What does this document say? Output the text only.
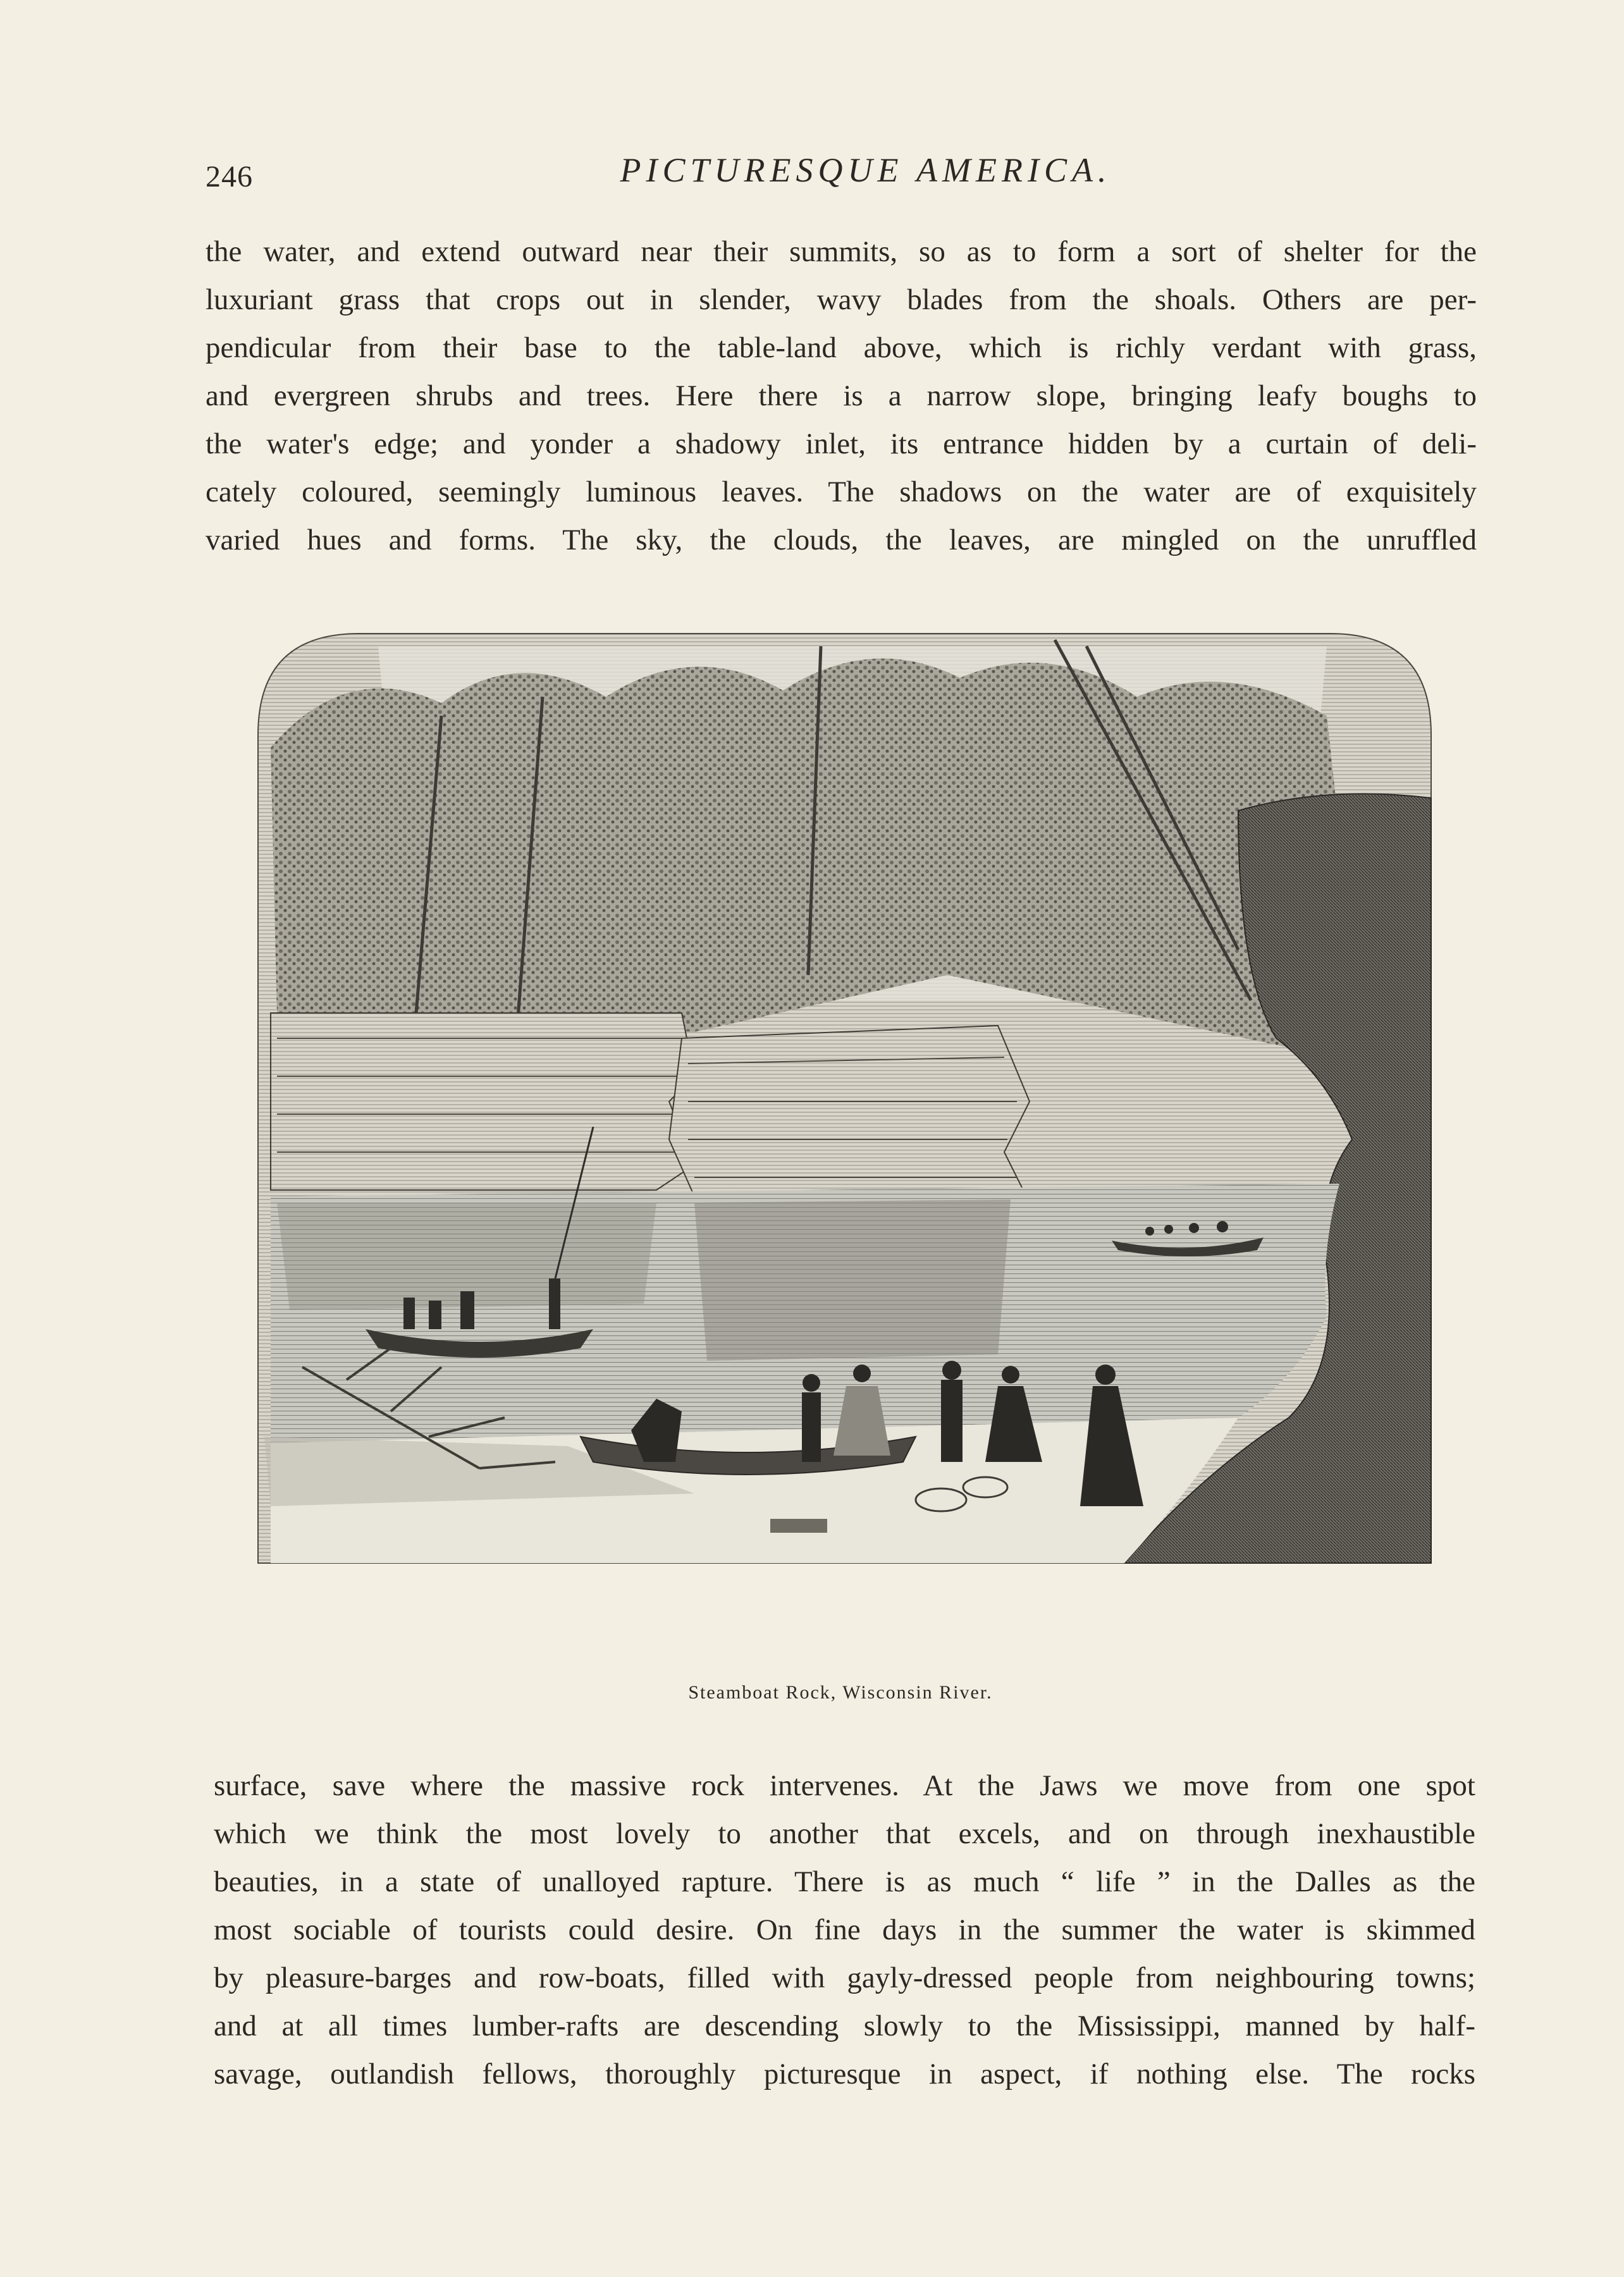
246	PICTURESQUE AMERICA.
the water, and extend outward near their summits, so as to form a sort of shelter for the
luxuriant grass that crops out in slender, wavy blades from the shoals. Others are per-
pendicular from their base to the table-land above, which is richly verdant with grass,
and evergreen shrubs and trees. Here there is a narrow slope, bringing leafy boughs to
the water's edge; and yonder a shadowy inlet, its entrance hidden by a curtain of deli-
cately coloured, seemingly luminous leaves. The shadows on the water are of exquisitely
varied hues and forms. The sky, the clouds, the leaves, are mingled on the unruffled
Steamboat Rock, Wisconsin River.
surface, save where the massive rock intervenes. At the Jaws we move from one spot
which we think the most lovely to another that excels, and on through inexhaustible
beauties, in a state of unalloyed rapture. There is as much “ life ” in the Dalles as the
most sociable of tourists could desire. On fine days in the summer the water is skimmed
by pleasure-barges and row-boats, filled with gayly-dressed people from neighbouring towns;
and at all times lumber-rafts are descending slowly to the Mississippi, manned by half-
savage, outlandish fellows, thoroughly picturesque in aspect, if nothing else. The rocks
